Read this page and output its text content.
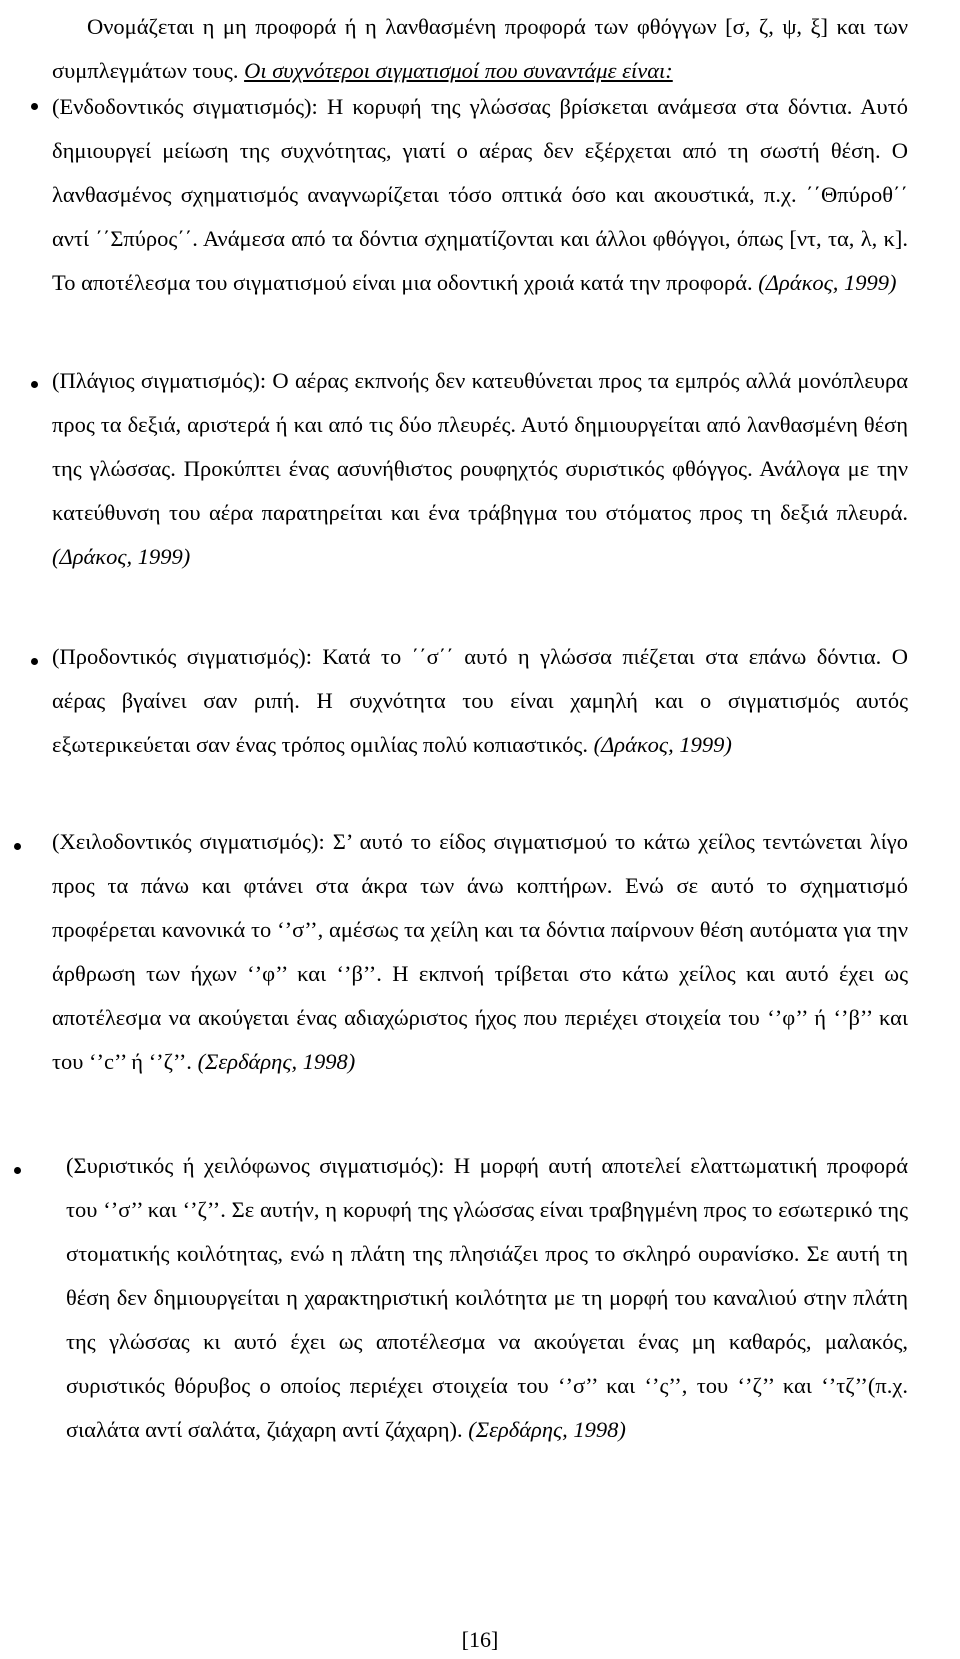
Ονομάζεται η μη προφορά ή η λανθασμένη προφορά των φθόγγων [σ, ζ, ψ, ξ] και των συμπλεγμάτων τους. Οι συχνότεροι σιγματισμοί που συναντάμε είναι:

(Ενδοδοντικός σιγματισμός): Η κορυφή της γλώσσας βρίσκεται ανάμεσα στα δόντια. Αυτό δημιουργεί μείωση της συχνότητας, γιατί ο αέρας δεν εξέρχεται από τη σωστή θέση. Ο λανθασμένος σχηματισμός αναγνωρίζεται τόσο οπτικά όσο και ακουστικά, π.χ. ΄΄Θπύροθ΄΄ αντί ΄΄Σπύρος΄΄. Ανάμεσα από τα δόντια σχηματίζονται και άλλοι φθόγγοι, όπως [ντ, τα, λ, κ]. Το αποτέλεσμα του σιγματισμού είναι μια οδοντική χροιά κατά την προφορά. (Δράκος, 1999)

(Πλάγιος σιγματισμός): Ο αέρας εκπνοής δεν κατευθύνεται προς τα εμπρός αλλά μονόπλευρα προς τα δεξιά, αριστερά ή και από τις δύο πλευρές. Αυτό δημιουργείται από λανθασμένη θέση της γλώσσας. Προκύπτει ένας ασυνήθιστος ρουφηχτός συριστικός φθόγγος. Ανάλογα με την κατεύθυνση του αέρα παρατηρείται και ένα τράβηγμα του στόματος προς τη δεξιά πλευρά.(Δράκος, 1999)

(Προδοντικός σιγματισμός): Κατά το ΄΄σ΄΄ αυτό η γλώσσα πιέζεται στα επάνω δόντια. Ο αέρας βγαίνει σαν ριπή. Η συχνότητα του είναι χαμηλή και ο σιγματισμός αυτός εξωτερικεύεται σαν ένας τρόπος ομιλίας πολύ κοπιαστικός. (Δράκος, 1999)

(Χειλοδοντικός σιγματισμός): Σ’ αυτό το είδος σιγματισμού το κάτω χείλος τεντώνεται λίγο προς τα πάνω και φτάνει στα άκρα των άνω κοπτήρων. Ενώ σε αυτό το σχηματισμό προφέρεται κανονικά το ‘’σ’’, αμέσως τα χείλη και τα δόντια παίρνουν θέση αυτόματα για την άρθρωση των ήχων ‘’φ’’ και ‘’β’’. Η εκπνοή τρίβεται στο κάτω χείλος και αυτό έχει ως αποτέλεσμα να ακούγεται ένας αδιαχώριστος ήχος που περιέχει στοιχεία του ‘’φ’’ ή ‘’β’’ και του ‘’c’’ ή ‘’ζ’’. (Σερδάρης, 1998)

(Συριστικός ή χειλόφωνος σιγματισμός): Η μορφή αυτή αποτελεί ελαττωματική προφορά του ‘’σ’’ και ‘’ζ’’. Σε αυτήν, η κορυφή της γλώσσας είναι τραβηγμένη προς το εσωτερικό της στοματικής κοιλότητας, ενώ η πλάτη της πλησιάζει προς το σκληρό ουρανίσκο. Σε αυτή τη θέση δεν δημιουργείται η χαρακτηριστική κοιλότητα με τη μορφή του καναλιού στην πλάτη της γλώσσας κι αυτό έχει ως αποτέλεσμα να ακούγεται ένας μη καθαρός, μαλακός, συριστικός θόρυβος ο οποίος περιέχει στοιχεία του ‘’σ’’ και ‘’ς’’, του ‘’ζ’’ και ‘’τζ’’(π.χ. σιαλάτα αντί σαλάτα, ζιάχαρη αντί ζάχαρη). (Σερδάρης, 1998)

[16]
